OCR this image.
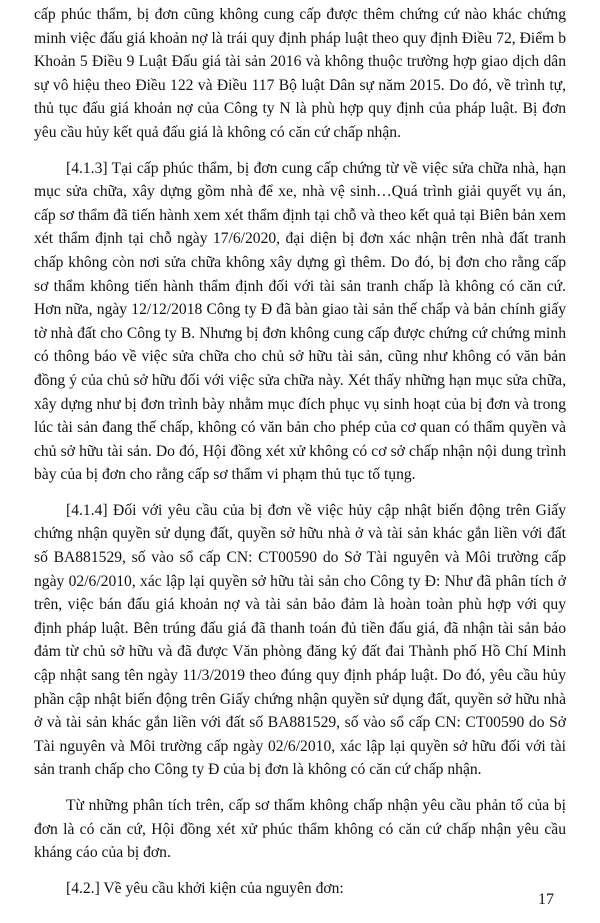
cấp phúc thẩm, bị đơn cũng không cung cấp được thêm chứng cứ nào khác chứng minh việc đấu giá khoản nợ là trái quy định pháp luật theo quy định Điều 72, Điểm b Khoản 5 Điều 9 Luật Đấu giá tài sản 2016 và không thuộc trường hợp giao dịch dân sự vô hiệu theo Điều 122 và Điều 117 Bộ luật Dân sự năm 2015. Do đó, về trình tự, thủ tục đấu giá khoản nợ của Công ty N là phù hợp quy định của pháp luật. Bị đơn yêu cầu hủy kết quả đấu giá là không có căn cứ chấp nhận.

[4.1.3] Tại cấp phúc thẩm, bị đơn cung cấp chứng từ về việc sửa chữa nhà, hạn mục sửa chữa, xây dựng gồm nhà để xe, nhà vệ sinh…Quá trình giải quyết vụ án, cấp sơ thẩm đã tiến hành xem xét thẩm định tại chỗ và theo kết quả tại Biên bản xem xét thẩm định tại chỗ ngày 17/6/2020, đại diện bị đơn xác nhận trên nhà đất tranh chấp không còn nơi sửa chữa không xây dựng gì thêm. Do đó, bị đơn cho rằng cấp sơ thẩm không tiến hành thẩm định đối với tài sản tranh chấp là không có căn cứ. Hơn nữa, ngày 12/12/2018 Công ty Đ đã bàn giao tài sản thế chấp và bản chính giấy tờ nhà đất cho Công ty B. Nhưng bị đơn không cung cấp được chứng cứ chứng minh có thông báo về việc sửa chữa cho chủ sở hữu tài sản, cũng như không có văn bản đồng ý của chủ sở hữu đối với việc sửa chữa này. Xét thấy những hạn mục sửa chữa, xây dựng như bị đơn trình bày nhằm mục đích phục vụ sinh hoạt của bị đơn và trong lúc tài sản đang thế chấp, không có văn bản cho phép của cơ quan có thẩm quyền và chủ sở hữu tài sản. Do đó, Hội đồng xét xử không có cơ sở chấp nhận nội dung trình bày của bị đơn cho rằng cấp sơ thẩm vi phạm thủ tục tố tụng.

[4.1.4] Đối với yêu cầu của bị đơn về việc hủy cập nhật biến động trên Giấy chứng nhận quyền sử dụng đất, quyền sở hữu nhà ở và tài sản khác gắn liền với đất số BA881529, số vào sổ cấp CN: CT00590 do Sở Tài nguyên và Môi trường cấp ngày 02/6/2010, xác lập lại quyền sở hữu tài sản cho Công ty Đ: Như đã phân tích ở trên, việc bán đấu giá khoản nợ và tài sản bảo đảm là hoàn toàn phù hợp với quy định pháp luật. Bên trúng đấu giá đã thanh toán đủ tiền đấu giá, đã nhận tài sản bảo đảm từ chủ sở hữu và đã được Văn phòng đăng ký đất đai Thành phố Hồ Chí Minh cập nhật sang tên ngày 11/3/2019 theo đúng quy định pháp luật. Do đó, yêu cầu hủy phần cập nhật biến động trên Giấy chứng nhận quyền sử dụng đất, quyền sở hữu nhà ở và tài sản khác gắn liền với đất số BA881529, số vào sổ cấp CN: CT00590 do Sở Tài nguyên và Môi trường cấp ngày 02/6/2010, xác lập lại quyền sở hữu đối với tài sản tranh chấp cho Công ty Đ của bị đơn là không có căn cứ chấp nhận.

Từ những phân tích trên, cấp sơ thẩm không chấp nhận yêu cầu phản tố của bị đơn là có căn cứ, Hội đồng xét xử phúc thẩm không có căn cứ chấp nhận yêu cầu kháng cáo của bị đơn.

[4.2.] Về yêu cầu khởi kiện của nguyên đơn:

17
